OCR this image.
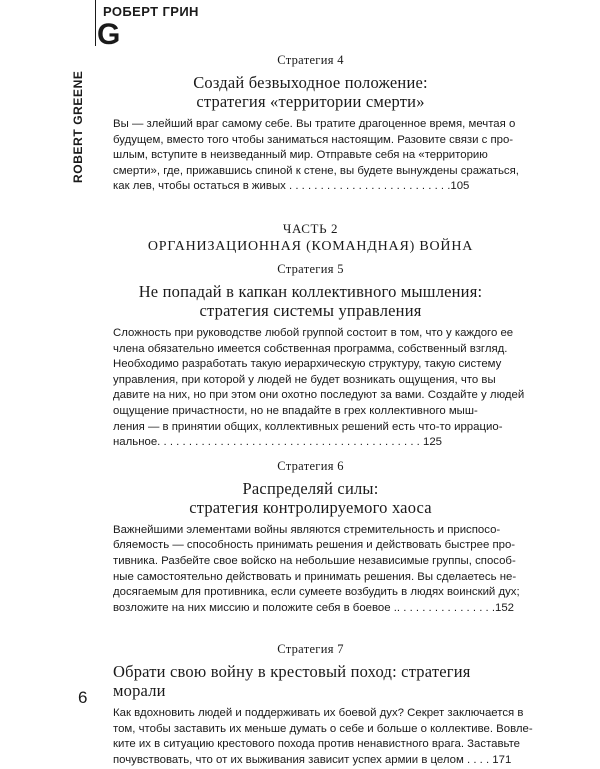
РОБЕРТ ГРИН
G
ROBERT GREENE

Стратегия 4

Создай безвыходное положение:
стратегия «территории смерти»
Вы — злейший враг самому себе. Вы тратите драгоценное время, мечтая о
будущем, вместо того чтобы заниматься настоящим. Разовите связи с про-
шлым, вступите в неизведанный мир. Отправьте себя на «территорию
смерти», где, прижавшись спиной к стене, вы будете вынуждены сражаться,
как лев, чтобы остаться в живых . . . . . . . . . . . . . . . . . . . . . . . . . .105
ЧАСТЬ 2
ОРГАНИЗАЦИОННАЯ (КОМАНДНАЯ) ВОЙНА

Стратегия 5

Не попадай в капкан коллективного мышления:
стратегия системы управления
Сложность при руководстве любой группой состоит в том, что у каждого ее
члена обязательно имеется собственная программа, собственный взгляд.
Необходимо разработать такую иерархическую структуру, такую систему
управления, при которой у людей не будет возникать ощущения, что вы
давите на них, но при этом они охотно последуют за вами. Создайте у людей
ощущение причастности, но не впадайте в грех коллективного мыш-
ления — в принятии общих, коллективных решений есть что-то иррацио-
нальное. . . . . . . . . . . . . . . . . . . . . . . . . . . . . . . . . . . . . . . . . . 125

Стратегия 6

Распределяй силы:
стратегия контролируемого хаоса
Важнейшими элементами войны являются стремительность и приспосо-
бляемость — способность принимать решения и действовать быстрее про-
тивника. Разбейте свое войско на небольшие независимые группы, способ-
ные самостоятельно действовать и принимать решения. Вы сделаетесь не-
досягаемым для противника, если сумеете возбудить в людях воинский дух;
возложите на них миссию и положите себя в боевое .. . . . . . . . . . . . . . . .152

Стратегия 7

Обрати свою войну в крестовый поход: стратегия морали
Как вдохновить людей и поддерживать их боевой дух? Секрет заключается в
том, чтобы заставить их меньше думать о себе и больше о коллективе. Вовле-
ките их в ситуацию крестового похода против ненавистного врага. Заставьте
почувствовать, что от их выживания зависит успех армии в целом . . . . 171
6
